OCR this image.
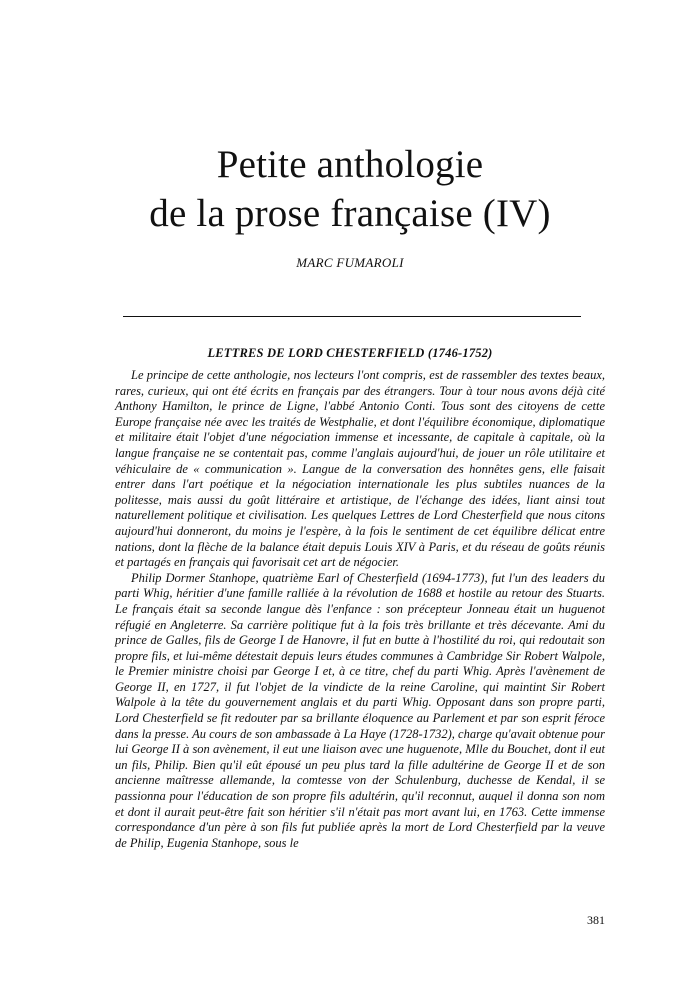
Petite anthologie
de la prose française (IV)
MARC FUMAROLI
LETTRES DE LORD CHESTERFIELD (1746-1752)

Le principe de cette anthologie, nos lecteurs l'ont compris, est de rassembler des textes beaux, rares, curieux, qui ont été écrits en français par des étrangers. Tour à tour nous avons déjà cité Anthony Hamilton, le prince de Ligne, l'abbé Antonio Conti. Tous sont des citoyens de cette Europe française née avec les traités de Westphalie, et dont l'équilibre économique, diplomatique et militaire était l'objet d'une négociation immense et incessante, de capitale à capitale, où la langue française ne se contentait pas, comme l'anglais aujourd'hui, de jouer un rôle utilitaire et véhiculaire de « communication ». Langue de la conversation des honnêtes gens, elle faisait entrer dans l'art poétique et la négociation internationale les plus subtiles nuances de la politesse, mais aussi du goût littéraire et artistique, de l'échange des idées, liant ainsi tout naturellement politique et civilisation. Les quelques Lettres de Lord Chesterfield que nous citons aujourd'hui donneront, du moins je l'espère, à la fois le sentiment de cet équilibre délicat entre nations, dont la flèche de la balance était depuis Louis XIV à Paris, et du réseau de goûts réunis et partagés en français qui favorisait cet art de négocier.

Philip Dormer Stanhope, quatrième Earl of Chesterfield (1694-1773), fut l'un des leaders du parti Whig, héritier d'une famille ralliée à la révolution de 1688 et hostile au retour des Stuarts. Le français était sa seconde langue dès l'enfance : son précepteur Jonneau était un huguenot réfugié en Angleterre. Sa carrière politique fut à la fois très brillante et très décevante. Ami du prince de Galles, fils de George I de Hanovre, il fut en butte à l'hostilité du roi, qui redoutait son propre fils, et lui-même détestait depuis leurs études communes à Cambridge Sir Robert Walpole, le Premier ministre choisi par George I et, à ce titre, chef du parti Whig. Après l'avènement de George II, en 1727, il fut l'objet de la vindicte de la reine Caroline, qui maintint Sir Robert Walpole à la tête du gouvernement anglais et du parti Whig. Opposant dans son propre parti, Lord Chesterfield se fit redouter par sa brillante éloquence au Parlement et par son esprit féroce dans la presse. Au cours de son ambassade à La Haye (1728-1732), charge qu'avait obtenue pour lui George II à son avènement, il eut une liaison avec une huguenote, Mlle du Bouchet, dont il eut un fils, Philip. Bien qu'il eût épousé un peu plus tard la fille adultérine de George II et de son ancienne maîtresse allemande, la comtesse von der Schulenburg, duchesse de Kendal, il se passionna pour l'éducation de son propre fils adultérin, qu'il reconnut, auquel il donna son nom et dont il aurait peut-être fait son héritier s'il n'était pas mort avant lui, en 1763. Cette immense correspondance d'un père à son fils fut publiée après la mort de Lord Chesterfield par la veuve de Philip, Eugenia Stanhope, sous le

381
